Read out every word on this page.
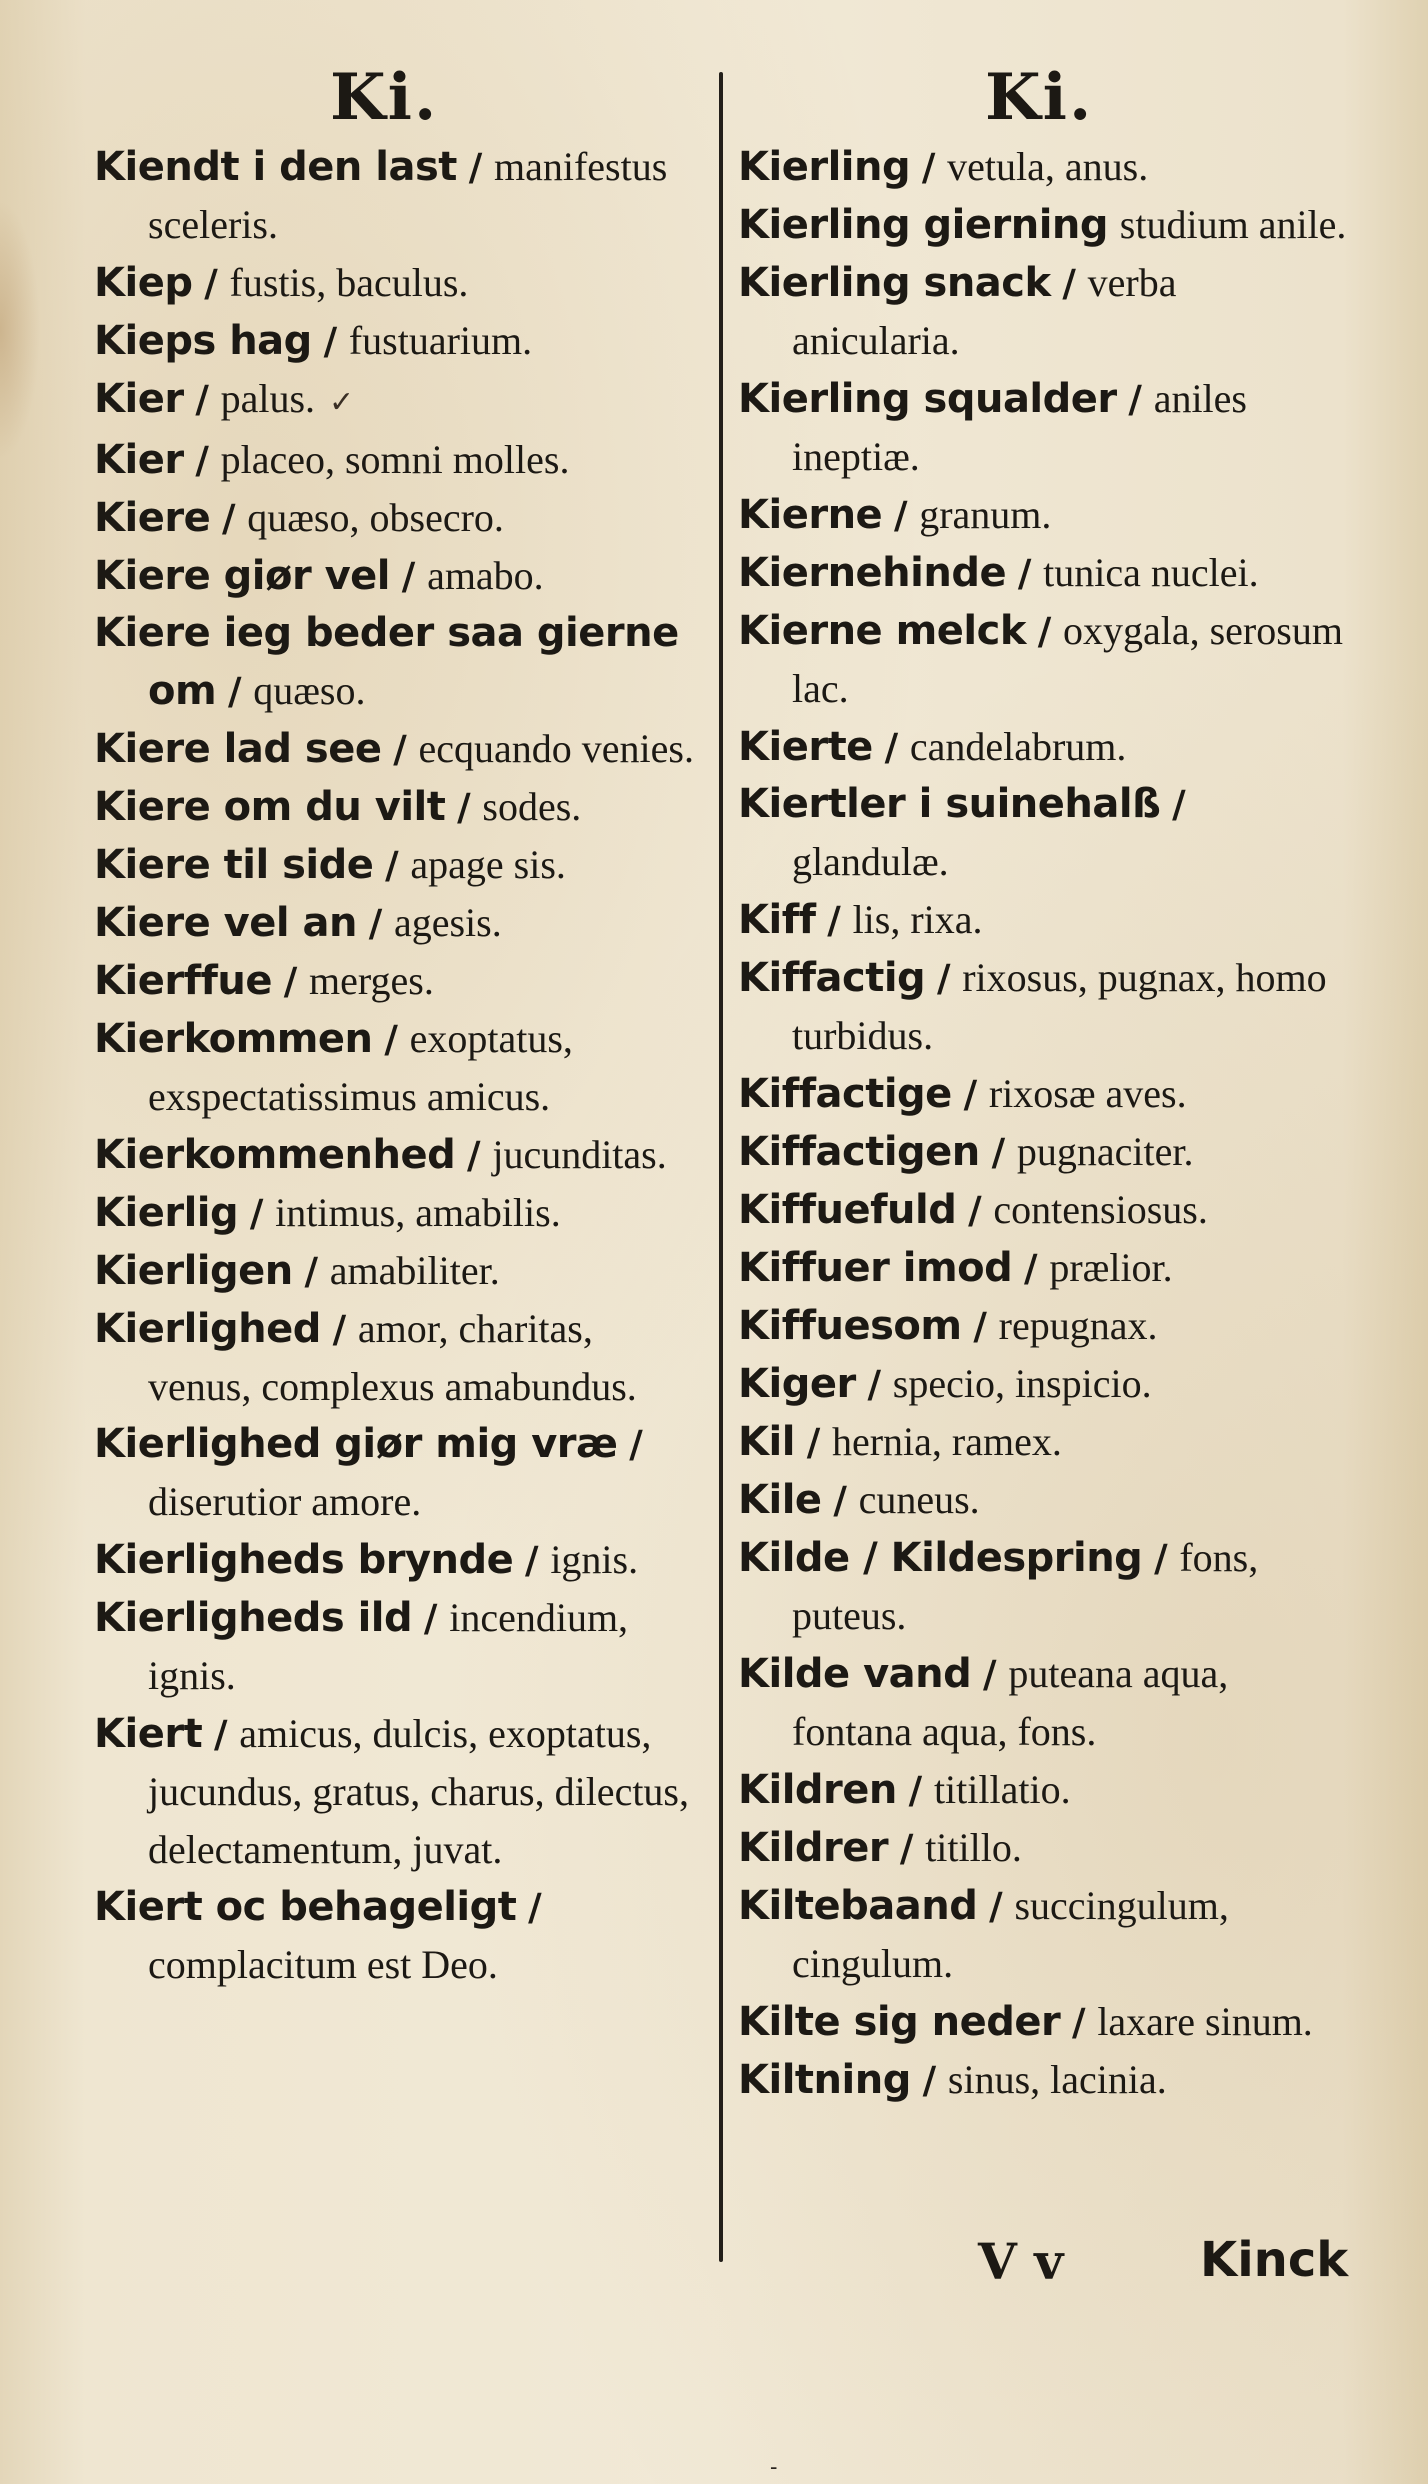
Ki.	Ki.
Kiendt i den last / manifestus sceleris.
Kiep / fustis, baculus.
Kieps hag / fustuarium.
Kier / palus. ✓
Kier / placeo, somni molles.
Kiere / quæso, obsecro.
Kiere giør vel / amabo.
Kiere ieg beder saa gierne om / quæso.
Kiere lad see / ecquando venies.
Kiere om du vilt / sodes.
Kiere til side / apage sis.
Kiere vel an / agesis.
Kierffue / merges.
Kierkommen / exoptatus, exspectatissimus amicus.
Kierkommenhed / jucunditas.
Kierlig / intimus, amabilis.
Kierligen / amabiliter.
Kierlighed / amor, charitas, venus, complexus amabundus.
Kierlighed giør mig vræ / diserutior amore.
Kierligheds brynde / ignis.
Kierligheds ild / incendium, ignis.
Kiert / amicus, dulcis, exoptatus, jucundus, gratus, charus, dilectus, delectamentum, juvat.
Kiert oc behageligt / complacitum est Deo.
Kierling / vetula, anus.
Kierling gierning studium anile.
Kierling snack / verba anicularia.
Kierling squalder / aniles ineptiæ.
Kierne / granum.
Kiernehinde / tunica nuclei.
Kierne melck / oxygala, serosum lac.
Kierte / candelabrum.
Kiertler i suinehalß / glandulæ.
Kiff / lis, rixa.
Kiffactig / rixosus, pugnax, homo turbidus.
Kiffactige / rixosæ aves.
Kiffactigen / pugnaciter.
Kiffuefuld / contensiosus.
Kiffuer imod / prælior.
Kiffuesom / repugnax.
Kiger / specio, inspicio.
Kil / hernia, ramex.
Kile / cuneus.
Kilde / Kildespring / fons, puteus.
Kilde vand / puteana aqua, fontana aqua, fons.
Kildren / titillatio.
Kildrer / titillo.
Kiltebaand / succingulum, cingulum.
Kilte sig neder / laxare sinum.
Kiltning / sinus, lacinia.
V v	Kinck
-
